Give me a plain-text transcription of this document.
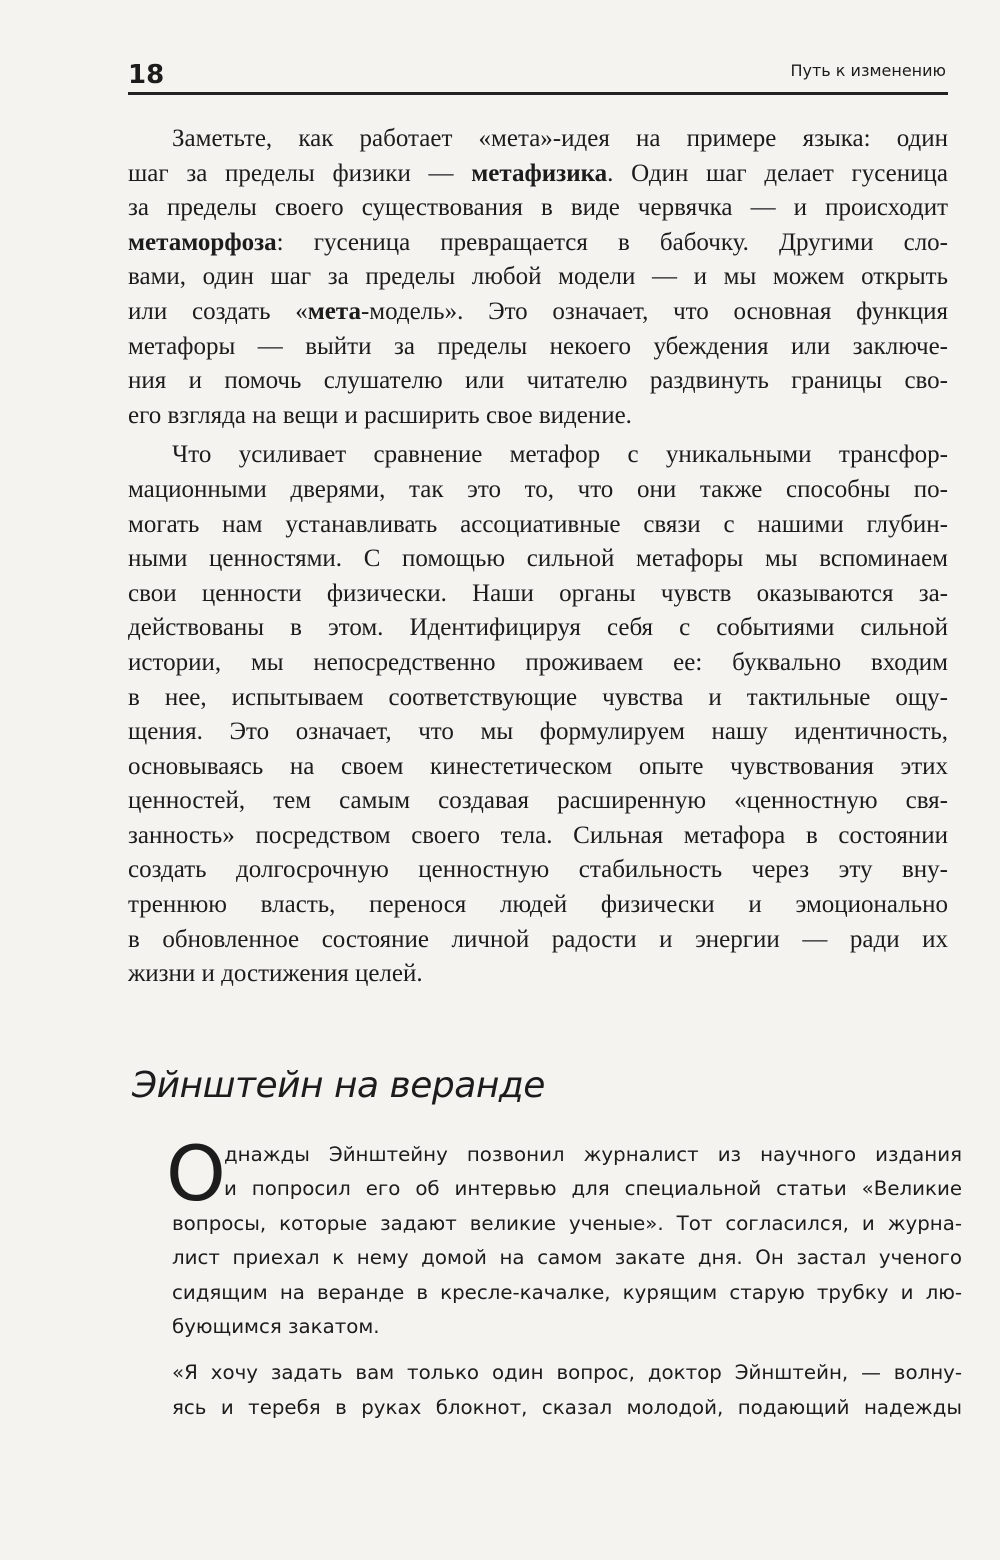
18	Путь к изменению
Заметьте, как работает «мета»-идея на примере языка: один
шаг за пределы физики — метафизика. Один шаг делает гусеница
за пределы своего существования в виде червячка — и происходит
метаморфоза: гусеница превращается в бабочку. Другими сло-
вами, один шаг за пределы любой модели — и мы можем открыть
или создать «мета-модель». Это означает, что основная функция
метафоры — выйти за пределы некоего убеждения или заключе-
ния и помочь слушателю или читателю раздвинуть границы сво-
его взгляда на вещи и расширить свое видение.
Что усиливает сравнение метафор с уникальными трансфор-
мационными дверями, так это то, что они также способны по-
могать нам устанавливать ассоциативные связи с нашими глубин-
ными ценностями. С помощью сильной метафоры мы вспоминаем
свои ценности физически. Наши органы чувств оказываются за-
действованы в этом. Идентифицируя себя с событиями сильной
истории, мы непосредственно проживаем ее: буквально входим
в нее, испытываем соответствующие чувства и тактильные ощу-
щения. Это означает, что мы формулируем нашу идентичность,
основываясь на своем кинестетическом опыте чувствования этих
ценностей, тем самым создавая расширенную «ценностную свя-
занность» посредством своего тела. Сильная метафора в состоянии
создать долгосрочную ценностную стабильность через эту вну-
треннюю власть, перенося людей физически и эмоционально
в обновленное состояние личной радости и энергии — ради их
жизни и достижения целей.
Эйнштейн на веранде
О
днажды Эйнштейну позвонил журналист из научного издания
и попросил его об интервью для специальной статьи «Великие
вопросы, которые задают великие ученые». Тот согласился, и журна-
лист приехал к нему домой на самом закате дня. Он застал ученого
сидящим на веранде в кресле-качалке, курящим старую трубку и лю-
бующимся закатом.
«Я хочу задать вам только один вопрос, доктор Эйнштейн, — волну-
ясь и теребя в руках блокнот, сказал молодой, подающий надежды
